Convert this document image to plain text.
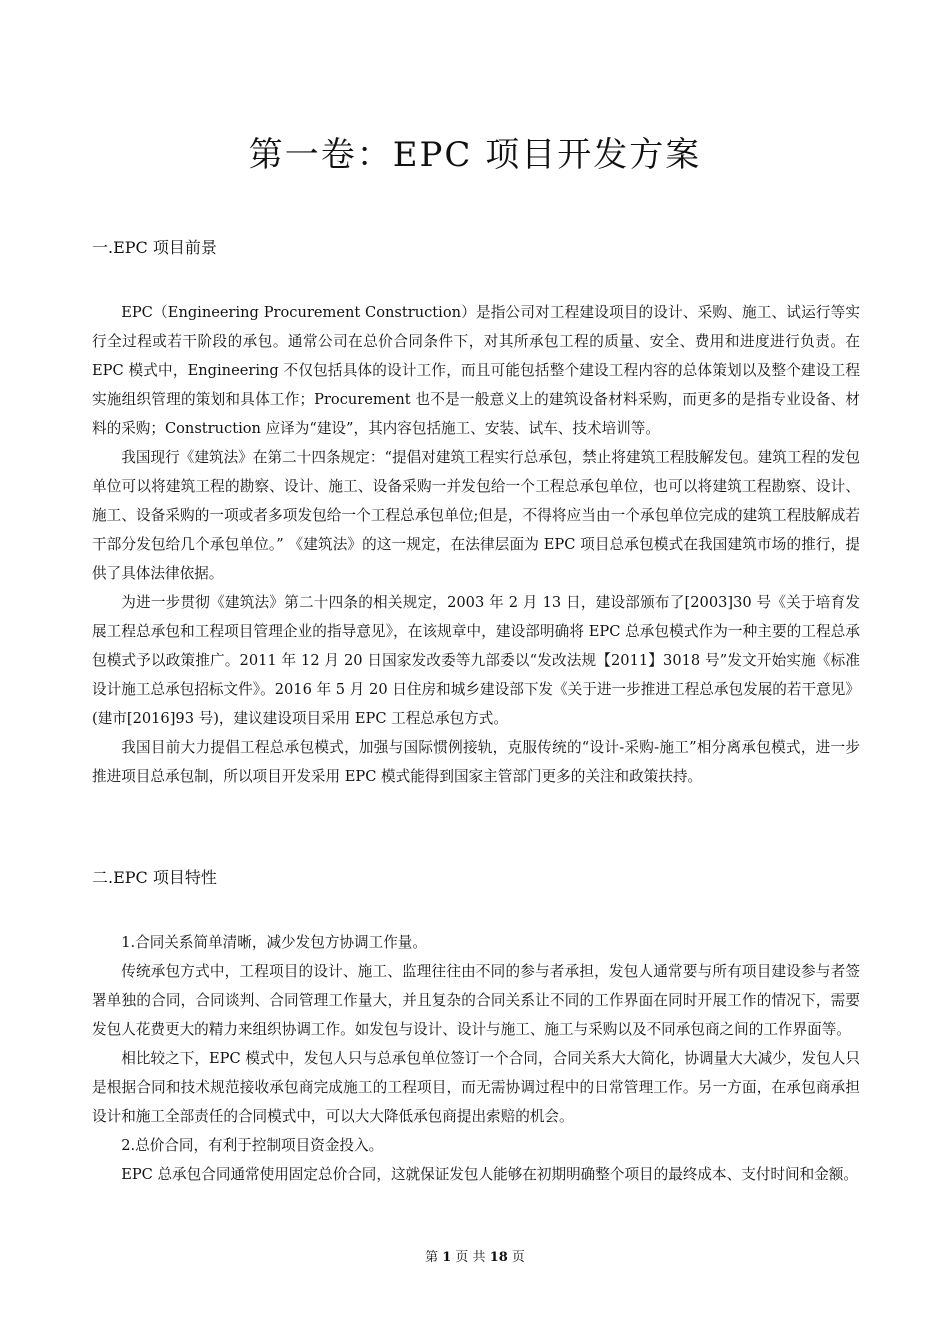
第一卷：EPC 项目开发方案
一.EPC 项目前景

EPC（Engineering Procurement Construction）是指公司对工程建设项目的设计、采购、施工、试运行等实行全过程或若干阶段的承包。通常公司在总价合同条件下，对其所承包工程的质量、安全、费用和进度进行负责。在 EPC 模式中，Engineering 不仅包括具体的设计工作，而且可能包括整个建设工程内容的总体策划以及整个建设工程实施组织管理的策划和具体工作；Procurement 也不是一般意义上的建筑设备材料采购，而更多的是指专业设备、材料的采购；Construction 应译为“建设”，其内容包括施工、安装、试车、技术培训等。

我国现行《建筑法》在第二十四条规定：“提倡对建筑工程实行总承包，禁止将建筑工程肢解发包。建筑工程的发包单位可以将建筑工程的勘察、设计、施工、设备采购一并发包给一个工程总承包单位，也可以将建筑工程勘察、设计、施工、设备采购的一项或者多项发包给一个工程总承包单位;但是，不得将应当由一个承包单位完成的建筑工程肢解成若干部分发包给几个承包单位。” 《建筑法》的这一规定，在法律层面为 EPC 项目总承包模式在我国建筑市场的推行，提供了具体法律依据。

为进一步贯彻《建筑法》第二十四条的相关规定，2003 年 2 月 13 日，建设部颁布了[2003]30 号《关于培育发展工程总承包和工程项目管理企业的指导意见》，在该规章中，建设部明确将 EPC 总承包模式作为一种主要的工程总承包模式予以政策推广。2011 年 12 月 20 日国家发改委等九部委以“发改法规【2011】3018 号”发文开始实施《标准设计施工总承包招标文件》。2016 年 5 月 20 日住房和城乡建设部下发《关于进一步推进工程总承包发展的若干意见》(建市[2016]93 号)，建议建设项目采用 EPC 工程总承包方式。

我国目前大力提倡工程总承包模式，加强与国际惯例接轨，克服传统的“设计-采购-施工”相分离承包模式，进一步推进项目总承包制，所以项目开发采用 EPC 模式能得到国家主管部门更多的关注和政策扶持。

二.EPC 项目特性

1.合同关系简单清晰，减少发包方协调工作量。

传统承包方式中，工程项目的设计、施工、监理往往由不同的参与者承担，发包人通常要与所有项目建设参与者签署单独的合同，合同谈判、合同管理工作量大，并且复杂的合同关系让不同的工作界面在同时开展工作的情况下，需要发包人花费更大的精力来组织协调工作。如发包与设计、设计与施工、施工与采购以及不同承包商之间的工作界面等。

相比较之下，EPC 模式中，发包人只与总承包单位签订一个合同，合同关系大大简化，协调量大大减少，发包人只是根据合同和技术规范接收承包商完成施工的工程项目，而无需协调过程中的日常管理工作。另一方面，在承包商承担设计和施工全部责任的合同模式中，可以大大降低承包商提出索赔的机会。

2.总价合同，有利于控制项目资金投入。

EPC 总承包合同通常使用固定总价合同，这就保证发包人能够在初期明确整个项目的最终成本、支付时间和金额。

第 1 页 共 18 页
